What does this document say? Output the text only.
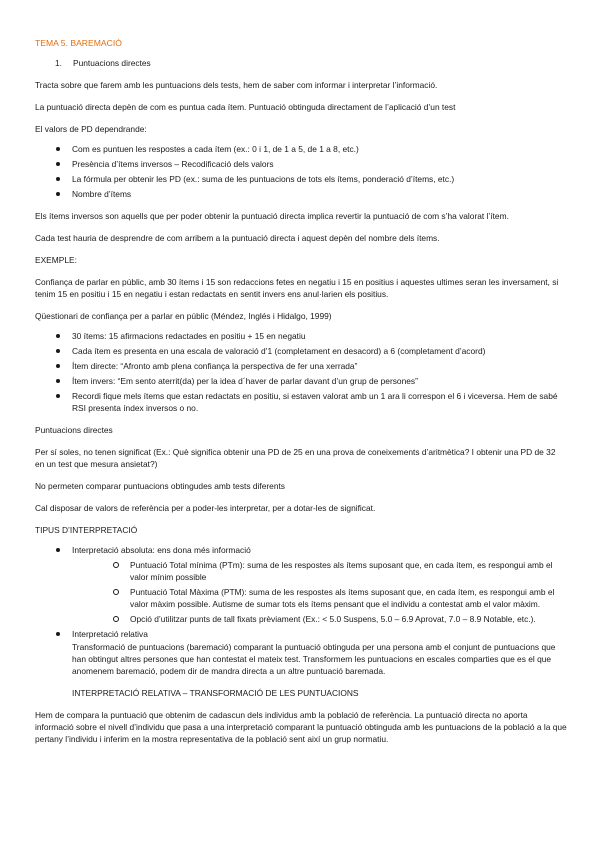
TEMA 5. BAREMACIÓ
1.	Puntuacions directes

Tracta sobre que farem amb les puntuacions dels tests, hem de saber com informar i interpretar l’informació.

La puntuació directa depèn de com es puntua cada ítem. Puntuació obtinguda directament de l’aplicació d’un test

El valors de PD dependrande:

Com es puntuen les respostes a cada ítem (ex.: 0 i 1, de 1 a 5, de 1 a 8, etc.)
Presència d’ítems inversos – Recodificació dels valors
La fórmula per obtenir les PD (ex.: suma de les puntuacions de tots els ítems, ponderació d’ítems, etc.)
Nombre d’ítems

Els ítems inversos son aquells que per poder obtenir la puntuació directa implica revertir la puntuació de com s’ha valorat l’ítem.

Cada test hauria de desprendre de com arribem a la puntuació directa i aquest depèn del nombre dels ítems.

EXEMPLE:

Confiança de parlar en públic, amb 30 ítems i 15 son redaccions fetes en negatiu i 15 en positius i aquestes ultimes seran les inversament, si tenim 15 en positiu i 15 en negatiu i estan redactats en sentit invers ens anul·larien els positius.

Qüestionari de confiança per a parlar en públic (Méndez, Inglés i Hidalgo, 1999)

30 ítems: 15 afirmacions redactades en positiu + 15 en negatiu
Cada ítem es presenta en una escala de valoració d’1 (completament en desacord) a 6 (completament d’acord)
Ítem directe: “Afronto amb plena confiança la perspectiva de fer una xerrada”
Ítem invers: “Em sento aterrit(da) per la idea d´haver de parlar davant d’un grup de persones”
Recordi fique mels ítems que estan redactats en positiu, si estaven valorat amb un 1 ara li correspon el 6 i viceversa. Hem de sabé RSI presenta índex inversos o no.

Puntuacions directes

Per sí soles, no tenen significat (Ex.: Què significa obtenir una PD de 25 en una prova de coneixements d’aritmètica? I obtenir una PD de 32 en un test que mesura ansietat?)

No permeten comparar puntuacions obtingudes amb tests diferents

Cal disposar de valors de referència per a poder-les interpretar, per a dotar-les de significat.

TIPUS D’INTERPRETACIÓ

Interpretació absoluta: ens dona més informació
Puntuació Total mínima (PTm): suma de les respostes als ítems suposant que, en cada ítem, es respongui amb el valor mínim possible
Puntuació Total Màxima (PTM): suma de les respostes als ítems suposant que, en cada ítem, es respongui amb el valor màxim possible. Autisme de sumar tots els ítems pensant que el individu a contestat amb el valor màxim.
Opció d’utilitzar punts de tall fixats prèviament (Ex.: < 5.0 Suspens, 5.0 – 6.9 Aprovat, 7.0 – 8.9 Notable, etc.).
Interpretació relativa

Transformació de puntuacions (baremació) comparant la puntuació obtinguda per una persona amb el conjunt de puntuacions que han obtingut altres persones que han contestat el mateix test. Transformem les puntuacions en escales comparties que es el que anomenem baremació, podem dir de mandra directa a un altre puntuació baremada.

INTERPRETACIÓ RELATIVA – TRANSFORMACIÓ DE LES PUNTUACIONS

Hem de compara la puntuació que obtenim de cadascun dels individus amb la població de referència. La puntuació directa no aporta informació sobre el nivell d’individu que pasa a una interpretació comparant la puntuació obtinguda amb les puntuacions de la població a la que pertany l’individu i inferim en la mostra representativa de la població sent així un grup normatiu.
